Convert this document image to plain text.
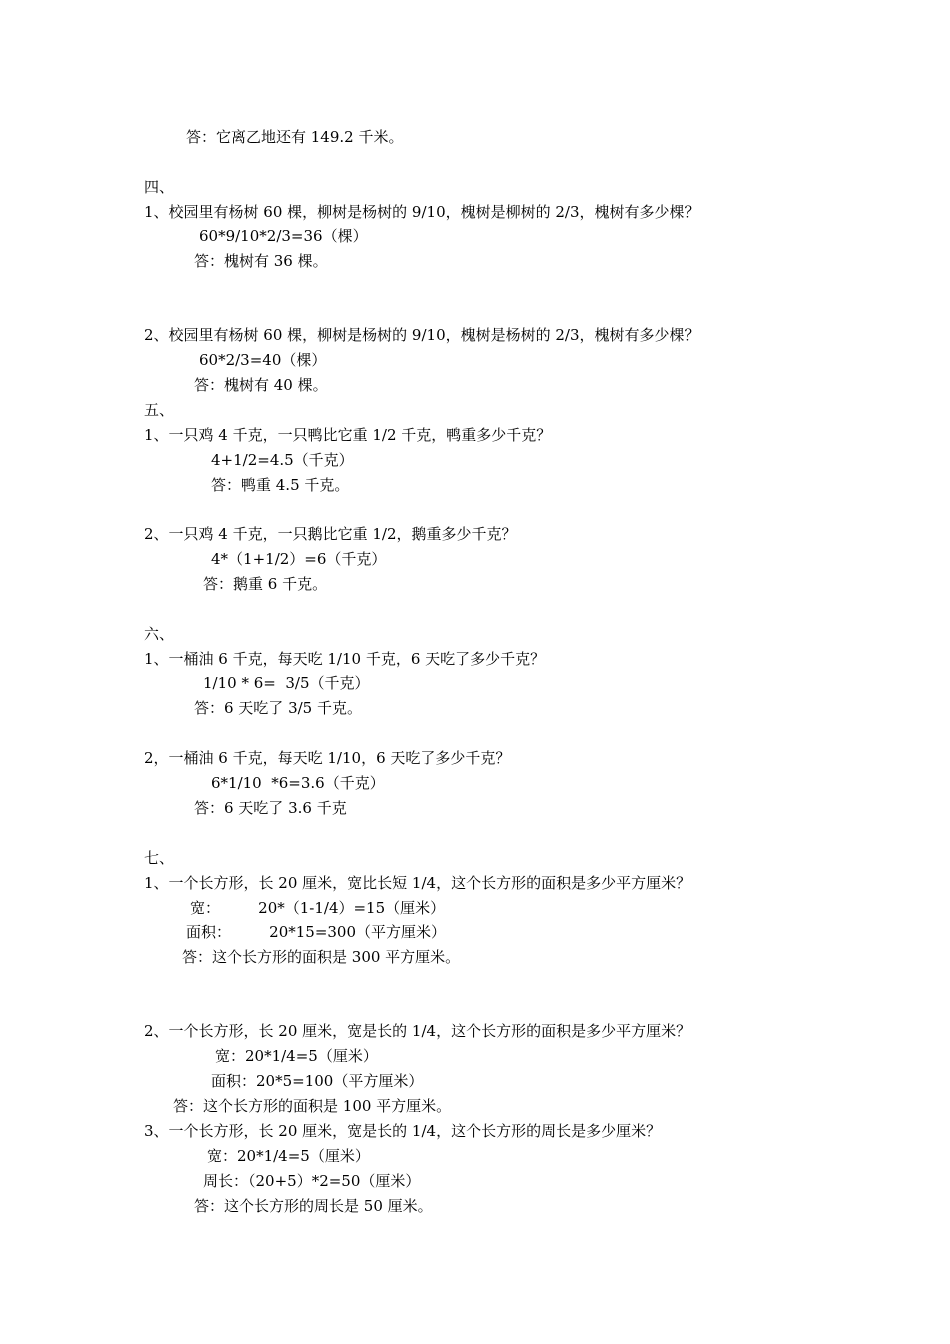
答：它离乙地还有 149.2 千米。
四、
1、校园里有杨树 60 棵，柳树是杨树的 9/10，槐树是柳树的 2/3，槐树有多少棵？
60*9/10*2/3=36（棵）
答：槐树有 36 棵。
2、校园里有杨树 60 棵，柳树是杨树的 9/10，槐树是杨树的 2/3，槐树有多少棵？
60*2/3=40（棵）
答：槐树有 40 棵。
五、
1、一只鸡 4 千克，一只鸭比它重 1/2 千克，鸭重多少千克？
4+1/2=4.5（千克）
答：鸭重 4.5 千克。
2、一只鸡 4 千克，一只鹅比它重 1/2，鹅重多少千克？
4*（1+1/2）=6（千克）
答：鹅重 6 千克。
六、
1、一桶油 6 千克，每天吃 1/10 千克，6 天吃了多少千克？
1/10 * 6=  3/5（千克）
答：6 天吃了 3/5 千克。
2，一桶油 6 千克，每天吃 1/10，6 天吃了多少千克？
6*1/10  *6=3.6（千克）
答：6 天吃了 3.6 千克
七、
1、一个长方形，长 20 厘米，宽比长短 1/4，这个长方形的面积是多少平方厘米？
宽：        20*（1-1/4）=15（厘米）
面积：        20*15=300（平方厘米）
答：这个长方形的面积是 300 平方厘米。
2、一个长方形，长 20 厘米，宽是长的 1/4，这个长方形的面积是多少平方厘米？
宽：20*1/4=5（厘米）
面积：20*5=100（平方厘米）
答：这个长方形的面积是 100 平方厘米。
3、一个长方形，长 20 厘米，宽是长的 1/4，这个长方形的周长是多少厘米？
宽：20*1/4=5（厘米）
周长：（20+5）*2=50（厘米）
答：这个长方形的周长是 50 厘米。
